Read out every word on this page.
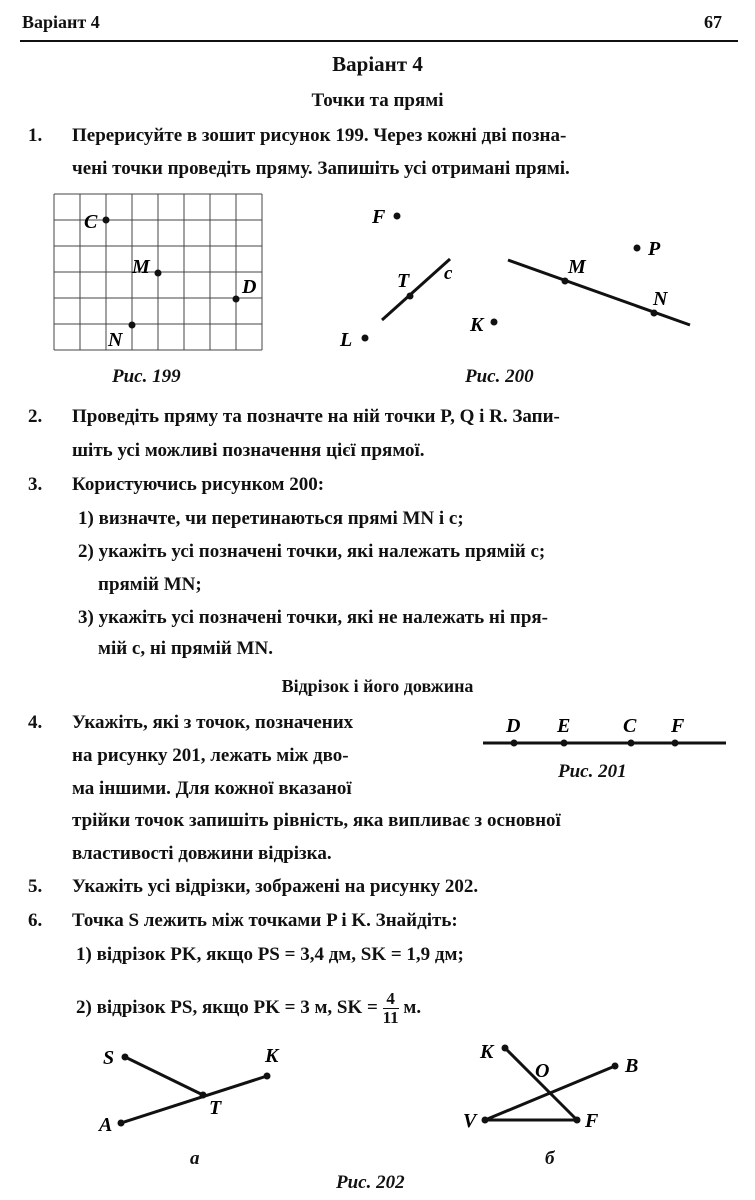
Варіант 4	67
Варіант 4
Точки та прямі
1. Перерисуйте в зошит рисунок 199. Через кожні дві позна-
чені точки проведіть пряму. Запишіть усі отримані прямі.
C
M
D
N
Рис. 199
F
T c
L
M
P
N
K
Рис. 200
2. Проведіть пряму та позначте на ній точки P, Q і R. Запи-
шіть усі можливі позначення цієї прямої.
3. Користуючись рисунком 200:
1) визначте, чи перетинаються прямі MN і c;
2) укажіть усі позначені точки, які належать прямій c;
прямій MN;
3) укажіть усі позначені точки, які не належать ні пря-
мій c, ні прямій MN.
Відрізок і його довжина
4. Укажіть, які з точок, позначених
на рисунку 201, лежать між дво-
ма іншими. Для кожної вказаної
трійки точок запишіть рівність, яка випливає з основної
властивості довжини відрізка.
D E	C F
Рис. 201
5. Укажіть усі відрізки, зображені на рисунку 202.
6. Точка S лежить між точками P і K. Знайдіть:
1) відрізок PK, якщо PS = 3,4 дм, SK = 1,9 дм;
2) відрізок PS, якщо PK = 3 м, SK = $\frac{4}{11} м$.
S	K
T
A
а
K
O	B
V	F
б
Рис. 202
